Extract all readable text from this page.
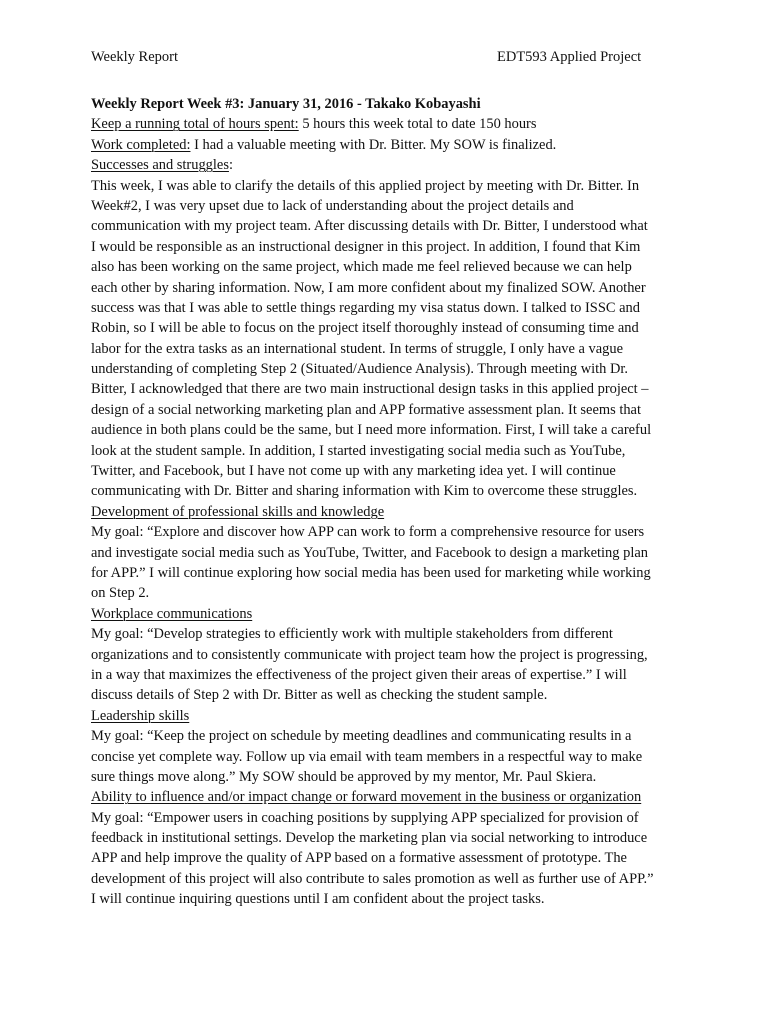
Weekly Report	EDT593 Applied Project
Weekly Report Week #3: January 31, 2016 - Takako Kobayashi
Keep a running total of hours spent: 5 hours this week total to date 150 hours
Work completed: I had a valuable meeting with Dr. Bitter. My SOW is finalized.
Successes and struggles:
This week, I was able to clarify the details of this applied project by meeting with Dr. Bitter. In
Week#2, I was very upset due to lack of understanding about the project details and
communication with my project team. After discussing details with Dr. Bitter, I understood what
I would be responsible as an instructional designer in this project. In addition, I found that Kim
also has been working on the same project, which made me feel relieved because we can help
each other by sharing information. Now, I am more confident about my finalized SOW. Another
success was that I was able to settle things regarding my visa status down. I talked to ISSC and
Robin, so I will be able to focus on the project itself thoroughly instead of consuming time and
labor for the extra tasks as an international student. In terms of struggle, I only have a vague
understanding of completing Step 2 (Situated/Audience Analysis). Through meeting with Dr.
Bitter, I acknowledged that there are two main instructional design tasks in this applied project –
design of a social networking marketing plan and APP formative assessment plan. It seems that
audience in both plans could be the same, but I need more information. First, I will take a careful
look at the student sample. In addition, I started investigating social media such as YouTube,
Twitter, and Facebook, but I have not come up with any marketing idea yet. I will continue
communicating with Dr. Bitter and sharing information with Kim to overcome these struggles.
Development of professional skills and knowledge
My goal: “Explore and discover how APP can work to form a comprehensive resource for users
and investigate social media such as YouTube, Twitter, and Facebook to design a marketing plan
for APP.” I will continue exploring how social media has been used for marketing while working
on Step 2.
Workplace communications
My goal: “Develop strategies to efficiently work with multiple stakeholders from different
organizations and to consistently communicate with project team how the project is progressing,
in a way that maximizes the effectiveness of the project given their areas of expertise.” I will
discuss details of Step 2 with Dr. Bitter as well as checking the student sample.
Leadership skills
My goal: “Keep the project on schedule by meeting deadlines and communicating results in a
concise yet complete way. Follow up via email with team members in a respectful way to make
sure things move along.” My SOW should be approved by my mentor, Mr. Paul Skiera.
Ability to influence and/or impact change or forward movement in the business or organization
My goal: “Empower users in coaching positions by supplying APP specialized for provision of
feedback in institutional settings. Develop the marketing plan via social networking to introduce
APP and help improve the quality of APP based on a formative assessment of prototype. The
development of this project will also contribute to sales promotion as well as further use of APP.”
I will continue inquiring questions until I am confident about the project tasks.
